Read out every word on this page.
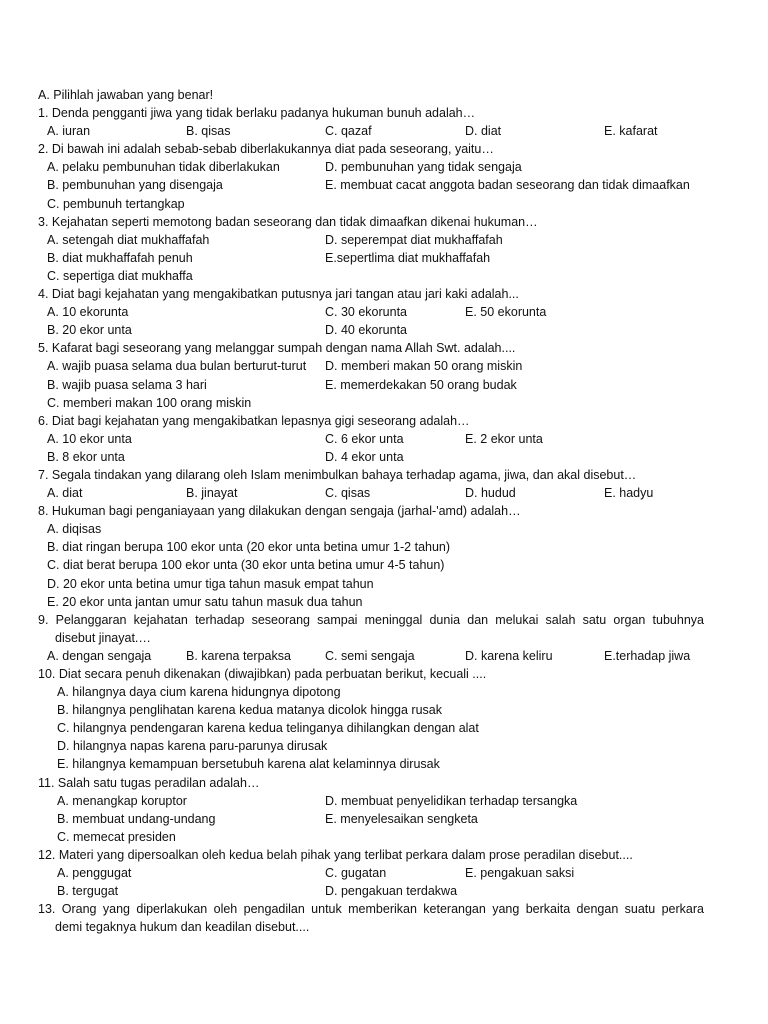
A. Pilihlah jawaban yang benar!
1. Denda pengganti jiwa yang tidak berlaku padanya hukuman bunuh adalah…
A. iuran	B. qisas	C. qazaf	D. diat	E. kafarat
2. Di bawah ini adalah sebab-sebab diberlakukannya diat pada seseorang, yaitu…
A. pelaku pembunuhan tidak diberlakukan	D. pembunuhan yang tidak sengaja
B. pembunuhan yang disengaja	E. membuat cacat anggota badan seseorang dan tidak dimaafkan
C. pembunuh tertangkap
3. Kejahatan seperti memotong badan seseorang dan tidak dimaafkan dikenai hukuman…
A. setengah diat mukhaffafah	D. seperempat diat mukhaffafah
B. diat mukhaffafah penuh	E.sepertlima diat mukhaffafah
C. sepertiga diat mukhaffa
4. Diat bagi kejahatan yang mengakibatkan putusnya jari tangan atau jari kaki adalah...
A. 10 ekorunta	C. 30 ekorunta	E. 50 ekorunta
B. 20 ekor unta	D. 40 ekorunta
5. Kafarat bagi seseorang yang melanggar sumpah dengan nama Allah Swt. adalah....
A. wajib puasa selama dua bulan berturut-turut D. memberi makan 50 orang miskin
B. wajib puasa selama 3 hari	E. memerdekakan 50 orang budak
C. memberi makan 100 orang miskin
6. Diat bagi kejahatan yang mengakibatkan lepasnya gigi seseorang adalah…
A. 10 ekor unta	C. 6 ekor unta	E. 2 ekor unta
B. 8 ekor unta	D. 4 ekor unta
7. Segala tindakan yang dilarang oleh Islam menimbulkan bahaya terhadap agama, jiwa, dan akal disebut…
A. diat	B. jinayat	C. qisas	D. hudud	E. hadyu
8. Hukuman bagi penganiayaan yang dilakukan dengan sengaja (jarhal-'amd) adalah…
A. diqisas
B. diat ringan berupa 100 ekor unta (20 ekor unta betina umur 1-2 tahun)
C. diat berat berupa 100 ekor unta (30 ekor unta betina umur 4-5 tahun)
D. 20 ekor unta betina umur tiga tahun masuk empat tahun
E. 20 ekor unta jantan umur satu tahun masuk dua tahun
9. Pelanggaran kejahatan terhadap seseorang sampai meninggal dunia dan melukai salah satu organ tubuhnya
disebut jinayat.…
A. dengan sengaja	B. karena terpaksa	C. semi sengaja	D. karena keliru	E.terhadap jiwa
10. Diat secara penuh dikenakan (diwajibkan) pada perbuatan berikut, kecuali ....
A. hilangnya daya cium karena hidungnya dipotong
B. hilangnya penglihatan karena kedua matanya dicolok hingga rusak
C. hilangnya pendengaran karena kedua telinganya dihilangkan dengan alat
D. hilangnya napas karena paru-parunya dirusak
E. hilangnya kemampuan bersetubuh karena alat kelaminnya dirusak
11. Salah satu tugas peradilan adalah…
A. menangkap koruptor	D. membuat penyelidikan terhadap tersangka
B. membuat undang-undang	E. menyelesaikan sengketa
C. memecat presiden
12. Materi yang dipersoalkan oleh kedua belah pihak yang terlibat perkara dalam prose peradilan disebut....
A. penggugat	C. gugatan	E. pengakuan saksi
B. tergugat	D. pengakuan terdakwa
13. Orang yang diperlakukan oleh pengadilan untuk memberikan keterangan yang berkaita dengan suatu perkara
demi tegaknya hukum dan keadilan disebut....
